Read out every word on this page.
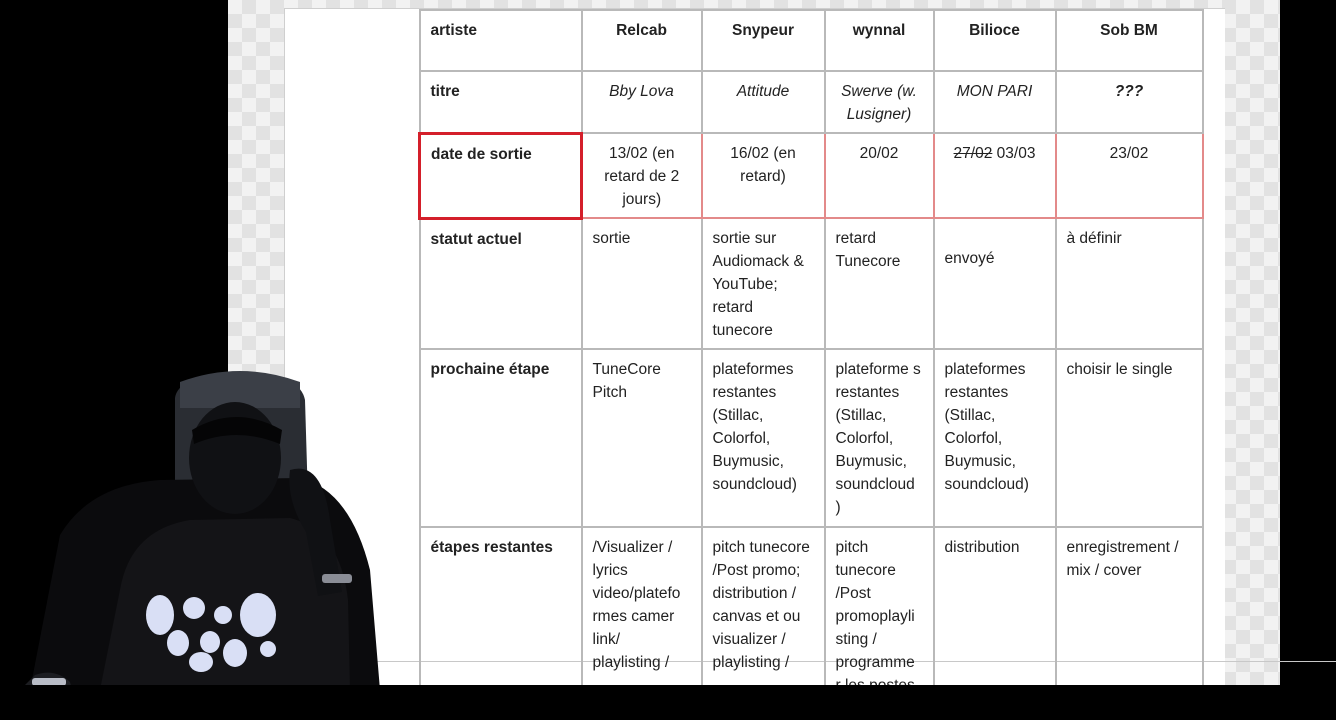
artiste	Relcab	Snypeur	wynnal	Bilioce	Sob BM
titre	Bby Lova	Attitude	Swerve (w. Lusigner)	MON PARI	???
date de sortie	13/02 (en retard de 2 jours)	16/02 (en retard)	20/02	27/02 03/03	23/02
statut actuel	sortie	sortie sur Audiomack & YouTube; retard tunecore	retard Tunecore	envoyé	à définir
prochaine étape	TuneCore Pitch	plateformes restantes (Stillac, Colorfol, Buymusic, soundcloud)	plateforme s restantes (Stillac, Colorfol, Buymusic, soundcloud )	plateformes restantes (Stillac, Colorfol, Buymusic, soundcloud)	choisir le single
étapes restantes	/Visualizer / lyrics video/platefo rmes camer link/ playlisting /	pitch tunecore /Post promo; distribution / canvas et ou visualizer / playlisting /	pitch tunecore /Post promoplayli sting / programme	distribution	enregistrement / mix / cover
